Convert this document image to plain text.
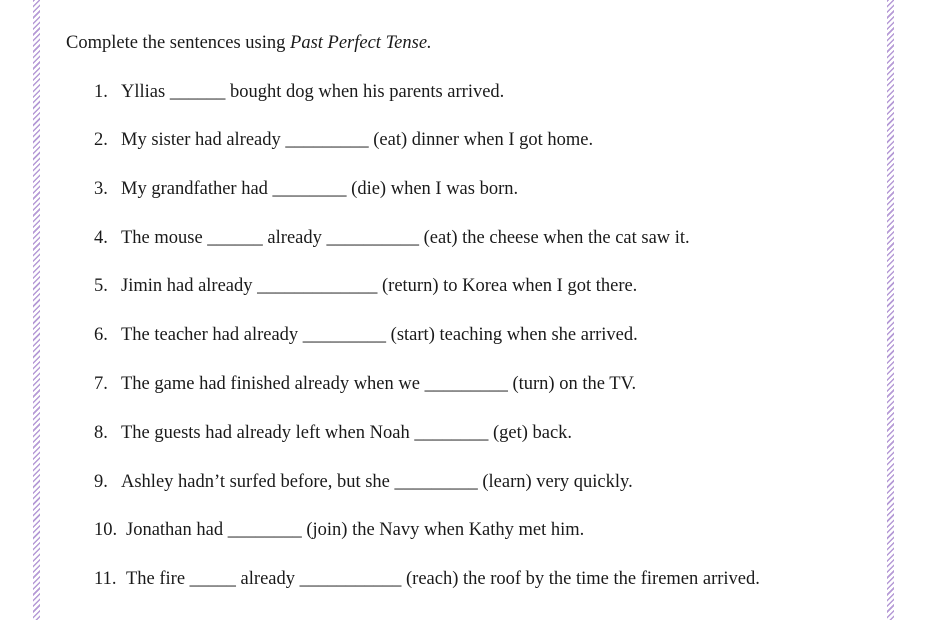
Complete the sentences using Past Perfect Tense.
1. Yllias ______ bought dog when his parents arrived.
2. My sister had already _________ (eat) dinner when I got home.
3. My grandfather had ________ (die) when I was born.
4. The mouse ______ already __________ (eat) the cheese when the cat saw it.
5. Jimin had already _____________ (return) to Korea when I got there.
6. The teacher had already _________ (start) teaching when she arrived.
7. The game had finished already when we _________ (turn) on the TV.
8. The guests had already left when Noah ________ (get) back.
9. Ashley hadn’t surfed before, but she _________ (learn) very quickly.
10. Jonathan had ________ (join) the Navy when Kathy met him.
11. The fire _____ already ___________ (reach) the roof by the time the firemen arrived.
